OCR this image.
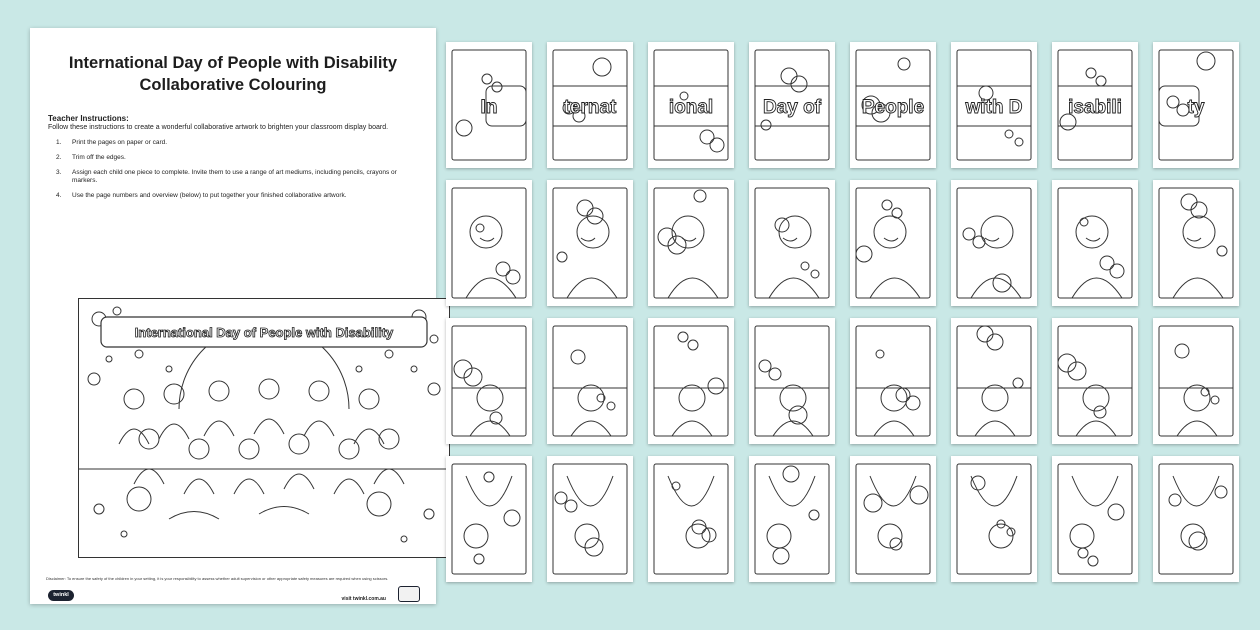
International Day of People with Disability
Collaborative Colouring
Teacher Instructions:
Follow these instructions to create a wonderful collaborative artwork to brighten your classroom display board.
1.	Print the pages on paper or card.
2.	Trim off the edges.
3.	Assign each child one piece to complete. Invite them to use a range of art mediums, including pencils, crayons or markers.
4.	Use the page numbers and overview (below) to put together your finished collaborative artwork.
International Day of People with Disability
Disclaimer: To ensure the safety of the children in your setting, it is your responsibility to assess whether adult supervision or other appropriate safety measures are required when using scissors.
twinkl
visit twinkl.com.au
In	ternat	ional	Day of People with D isabili	ty
